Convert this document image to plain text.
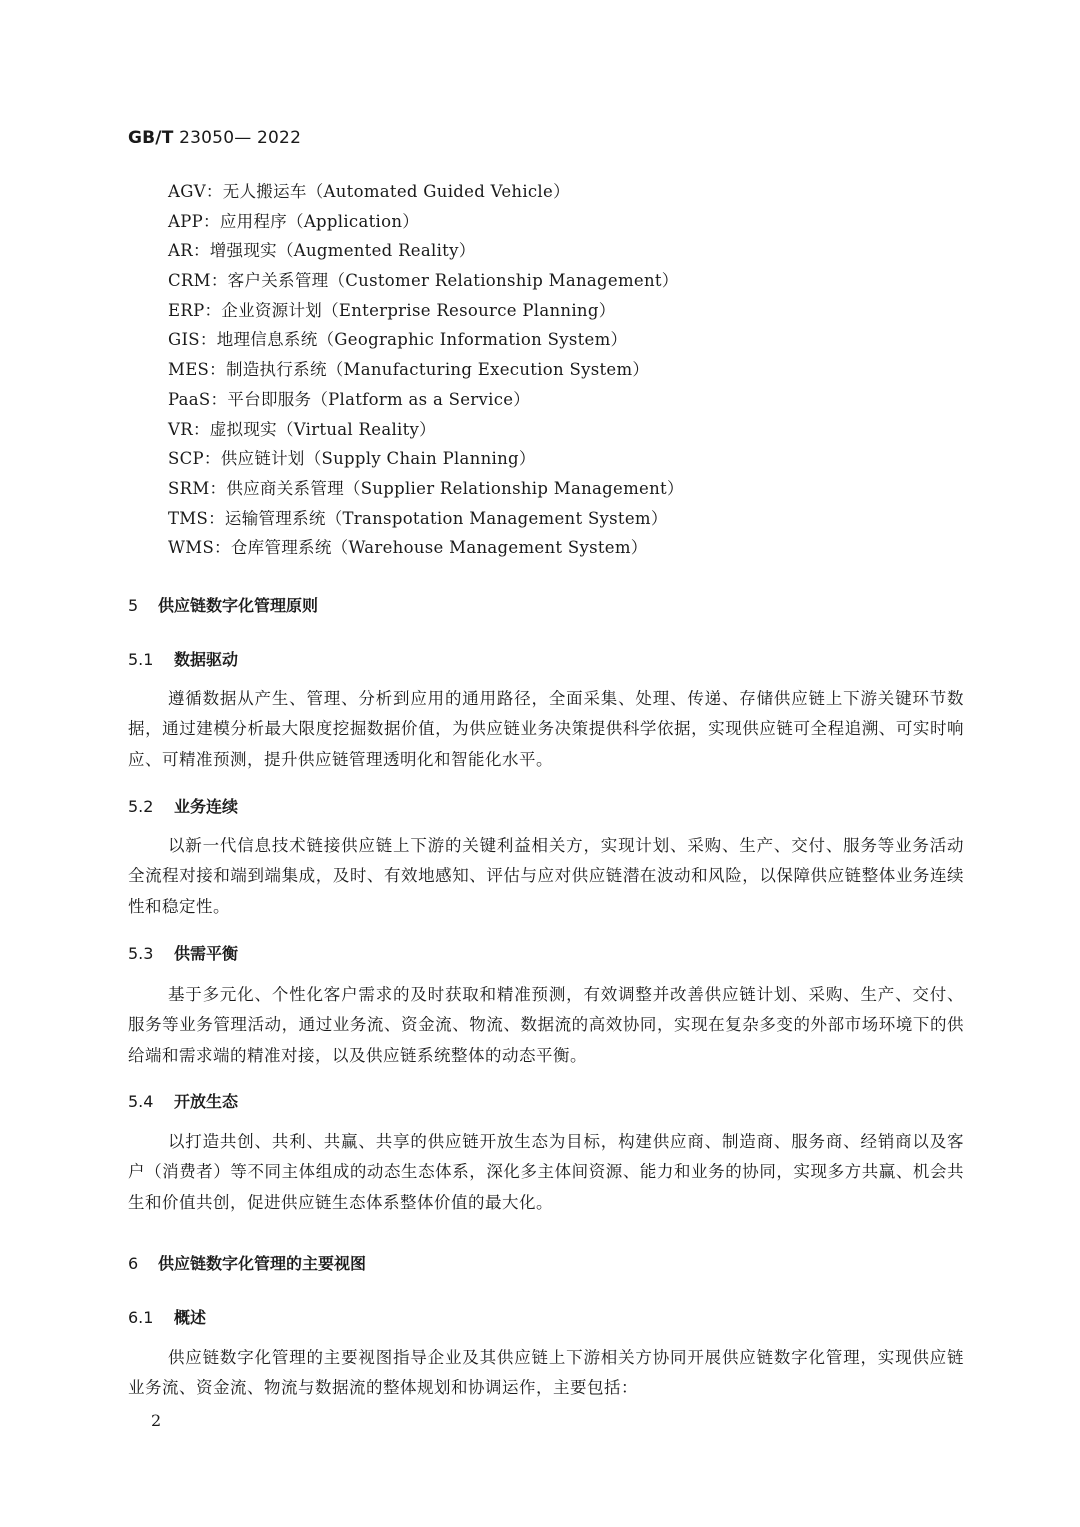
GB/T 23050— 2022
AGV：无人搬运车（Automated Guided Vehicle）
APP：应用程序（Application）
AR：增强现实（Augmented Reality）
CRM：客户关系管理（Customer Relationship Management）
ERP：企业资源计划（Enterprise Resource Planning）
GIS：地理信息系统（Geographic Information System）
MES：制造执行系统（Manufacturing Execution System）
PaaS：平台即服务（Platform as a Service）
VR：虚拟现实（Virtual Reality）
SCP：供应链计划（Supply Chain Planning）
SRM：供应商关系管理（Supplier Relationship Management）
TMS：运输管理系统（Transpotation Management System）
WMS：仓库管理系统（Warehouse Management System）
5 供应链数字化管理原则
5.1 数据驱动

遵循数据从产生、管理、分析到应用的通用路径，全面采集、处理、传递、存储供应链上下游关键环节数据，通过建模分析最大限度挖掘数据价值，为供应链业务决策提供科学依据，实现供应链可全程追溯、可实时响应、可精准预测，提升供应链管理透明化和智能化水平。

5.2 业务连续

以新一代信息技术链接供应链上下游的关键利益相关方，实现计划、采购、生产、交付、服务等业务活动全流程对接和端到端集成，及时、有效地感知、评估与应对供应链潜在波动和风险，以保障供应链整体业务连续性和稳定性。

5.3 供需平衡

基于多元化、个性化客户需求的及时获取和精准预测，有效调整并改善供应链计划、采购、生产、交付、服务等业务管理活动，通过业务流、资金流、物流、数据流的高效协同，实现在复杂多变的外部市场环境下的供给端和需求端的精准对接，以及供应链系统整体的动态平衡。

5.4 开放生态

以打造共创、共利、共赢、共享的供应链开放生态为目标，构建供应商、制造商、服务商、经销商以及客户（消费者）等不同主体组成的动态生态体系，深化多主体间资源、能力和业务的协同，实现多方共赢、机会共生和价值共创，促进供应链生态体系整体价值的最大化。

6 供应链数字化管理的主要视图
6.1 概述

供应链数字化管理的主要视图指导企业及其供应链上下游相关方协同开展供应链数字化管理，实现供应链业务流、资金流、物流与数据流的整体规划和协调运作，主要包括：

2
